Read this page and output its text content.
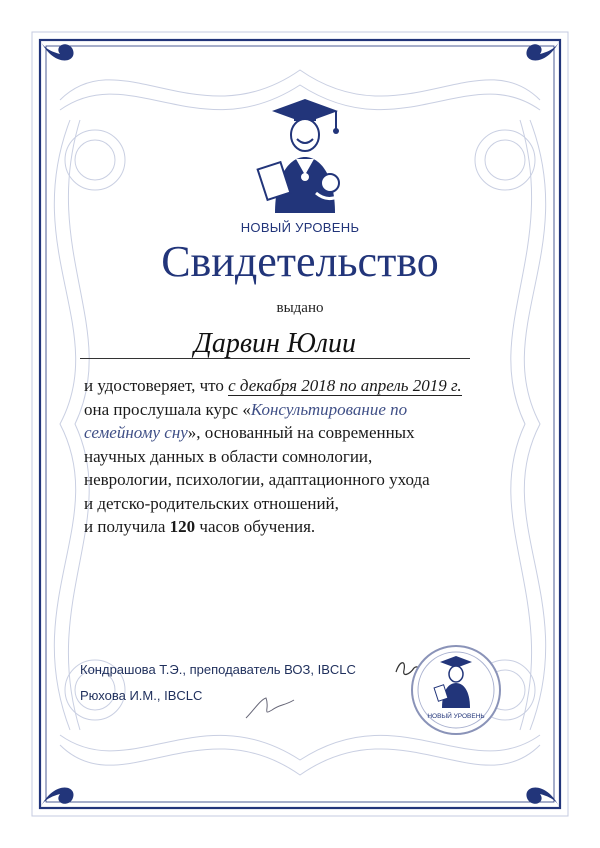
НОВЫЙ УРОВЕНЬ
Свидетельство
выдано
Дарвин Юлии
и удостоверяет, что с декабря 2018 по апрель 2019 г.
она прослушала курс «Консультирование по
семейному сну», основанный на современных
научных данных в области сомнологии,
неврологии, психологии, адаптационного ухода
и детско-родительских отношений,
и получила 120 часов обучения.
Кондрашова Т.Э., преподаватель ВОЗ, IBCLC
Рюхова И.М., IBCLC
НОВЫЙ УРОВЕНЬ
